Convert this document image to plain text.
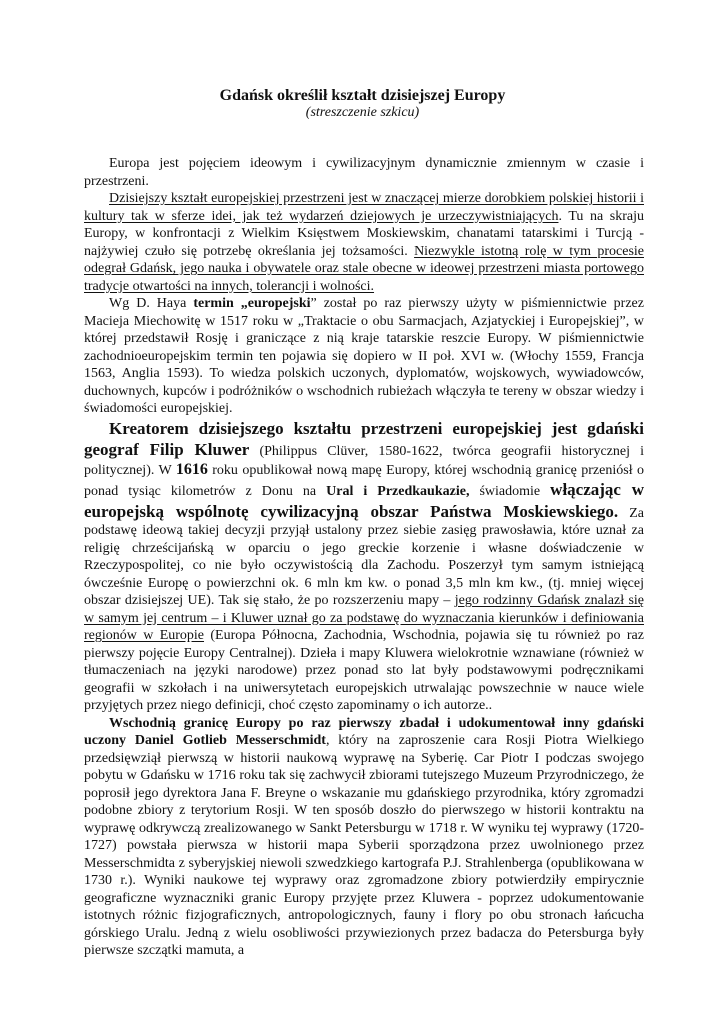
Gdańsk określił kształt dzisiejszej Europy
(streszczenie szkicu)

Europa jest pojęciem ideowym i cywilizacyjnym dynamicznie zmiennym w czasie i przestrzeni.

Dzisiejszy kształt europejskiej przestrzeni jest w znaczącej mierze dorobkiem polskiej historii i kultury tak w sferze idei, jak też wydarzeń dziejowych je urzeczywistniających. Tu na skraju Europy, w konfrontacji z Wielkim Księstwem Moskiewskim, chanatami tatarskimi i Turcją - najżywiej czuło się potrzebę określania jej tożsamości. Niezwykle istotną rolę w tym procesie odegrał Gdańsk, jego nauka i obywatele oraz stale obecne w ideowej przestrzeni miasta portowego tradycje otwartości na innych, tolerancji i wolności.

Wg D. Haya termin „europejski” został po raz pierwszy użyty w piśmiennictwie przez Macieja Miechowitę w 1517 roku w „Traktacie o obu Sarmacjach, Azjatyckiej i Europejskiej”, w której przedstawił Rosję i graniczące z nią kraje tatarskie reszcie Europy. W piśmiennictwie zachodnioeuropejskim termin ten pojawia się dopiero w II poł. XVI w. (Włochy 1559, Francja 1563, Anglia 1593). To wiedza polskich uczonych, dyplomatów, wojskowych, wywiadowców, duchownych, kupców i podróżników o wschodnich rubieżach włączyła te tereny w obszar wiedzy i świadomości europejskiej.

Kreatorem dzisiejszego kształtu przestrzeni europejskiej jest gdański geograf Filip Kluwer (Philippus Clüver, 1580-1622, twórca geografii historycznej i politycznej). W 1616 roku opublikował nową mapę Europy, której wschodnią granicę przeniósł o ponad tysiąc kilometrów z Donu na Ural i Przedkaukazie, świadomie włączając w europejską wspólnotę cywilizacyjną obszar Państwa Moskiewskiego. Za podstawę ideową takiej decyzji przyjął ustalony przez siebie zasięg prawosławia, które uznał za religię chrześcijańską w oparciu o jego greckie korzenie i własne doświadczenie w Rzeczypospolitej, co nie było oczywistością dla Zachodu. Poszerzył tym samym istniejącą ówcześnie Europę o powierzchni ok. 6 mln km kw. o ponad 3,5 mln km kw., (tj. mniej więcej obszar dzisiejszej UE). Tak się stało, że po rozszerzeniu mapy – jego rodzinny Gdańsk znalazł się w samym jej centrum – i Kluwer uznał go za podstawę do wyznaczania kierunków i definiowania regionów w Europie (Europa Północna, Zachodnia, Wschodnia, pojawia się tu również po raz pierwszy pojęcie Europy Centralnej). Dzieła i mapy Kluwera wielokrotnie wznawiane (również w tłumaczeniach na języki narodowe) przez ponad sto lat były podstawowymi podręcznikami geografii w szkołach i na uniwersytetach europejskich utrwalając powszechnie w nauce wiele przyjętych przez niego definicji, choć często zapominamy o ich autorze..

Wschodnią granicę Europy po raz pierwszy zbadał i udokumentował inny gdański uczony Daniel Gotlieb Messerschmidt, który na zaproszenie cara Rosji Piotra Wielkiego przedsięwziął pierwszą w historii naukową wyprawę na Syberię. Car Piotr I podczas swojego pobytu w Gdańsku w 1716 roku tak się zachwycił zbiorami tutejszego Muzeum Przyrodniczego, że poprosił jego dyrektora Jana F. Breyne o wskazanie mu gdańskiego przyrodnika, który zgromadzi podobne zbiory z terytorium Rosji. W ten sposób doszło do pierwszego w historii kontraktu na wyprawę odkrywczą zrealizowanego w Sankt Petersburgu w 1718 r. W wyniku tej wyprawy (1720-1727) powstała pierwsza w historii mapa Syberii sporządzona przez uwolnionego przez Messerschmidta z syberyjskiej niewoli szwedzkiego kartografa P.J. Strahlenberga (opublikowana w 1730 r.). Wyniki naukowe tej wyprawy oraz zgromadzone zbiory potwierdziły empirycznie geograficzne wyznaczniki granic Europy przyjęte przez Kluwera - poprzez udokumentowanie istotnych różnic fizjograficznych, antropologicznych, fauny i flory po obu stronach łańcucha górskiego Uralu. Jedną z wielu osobliwości przywiezionych przez badacza do Petersburga były pierwsze szczątki mamuta, a
